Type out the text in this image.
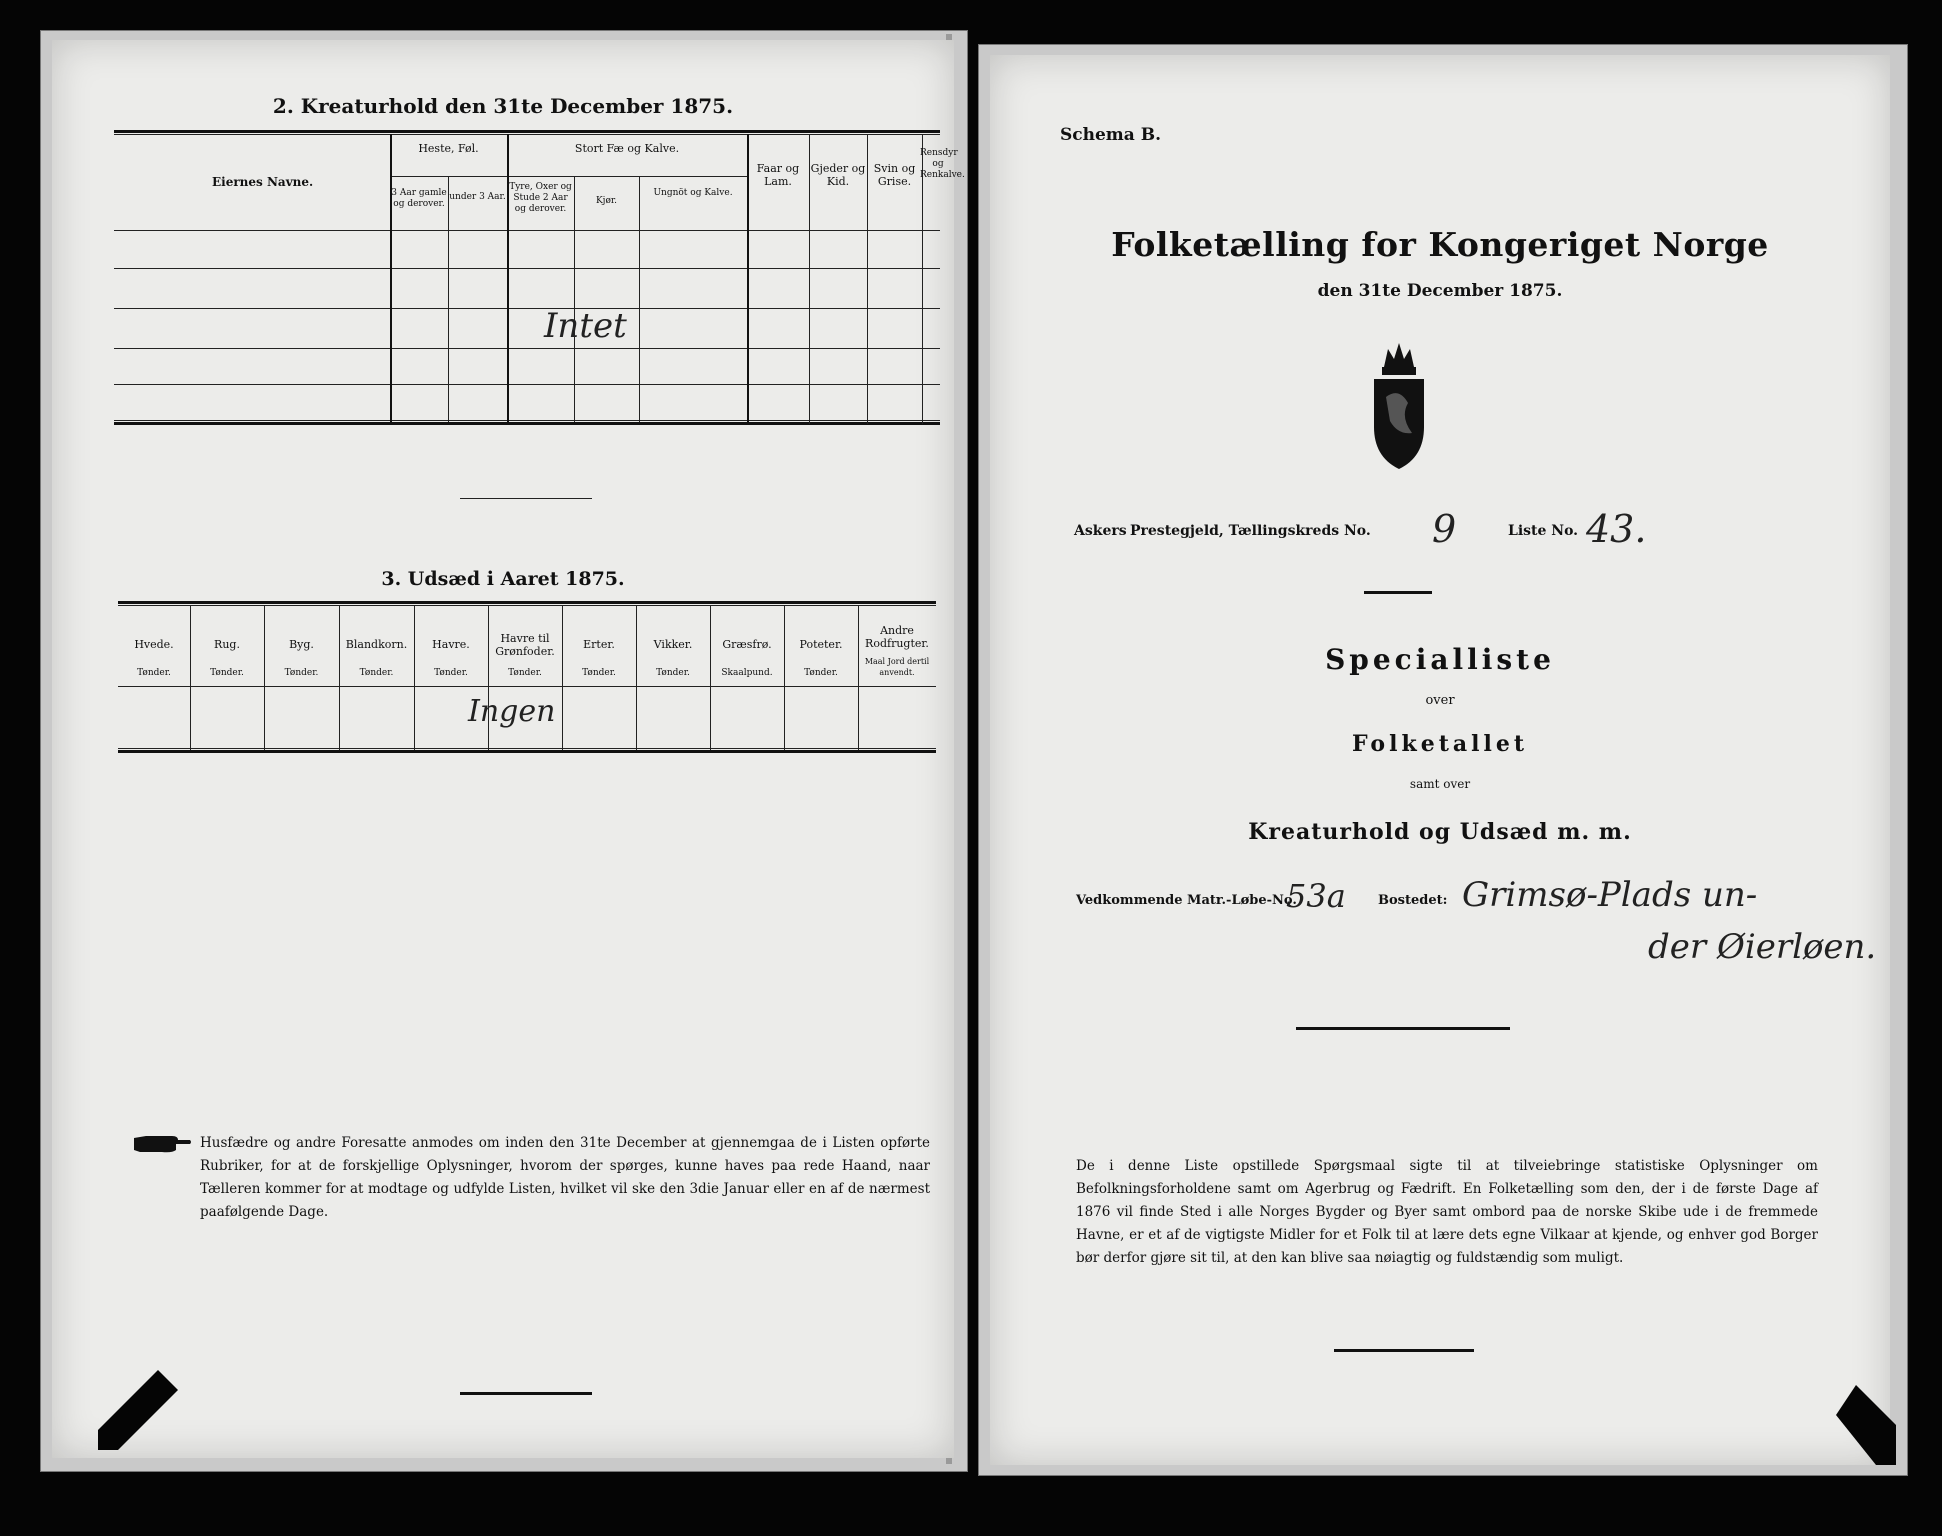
2. Kreaturhold den 31te December 1875.
Eiernes Navne.
Heste, Føl.
3 Aar gamle og derover.
under 3 Aar.
Stort Fæ og Kalve.
Tyre, Oxer og Stude 2 Aar og derover.
Kjør.
Ungnöt og Kalve.
Faar og Lam.
Gjeder og Kid.
Svin og Grise.
Rensdyr og Renkalve.
Intet
3. Udsæd i Aaret 1875.
Hvede.
Tønder.
Rug.
Tønder.
Byg.
Tønder.
Blandkorn.
Tønder.
Havre.
Tønder.
Havre til Grønfoder.
Tønder.
Erter.
Tønder.
Vikker.
Tønder.
Græsfrø.
Skaalpund.
Poteter.
Tønder.
Andre Rodfrugter.
Maal Jord dertil anvendt.
Ingen
Husfædre og andre Foresatte anmodes om inden den 31te December at gjennemgaa de i Listen opførte Rubriker, for at de forskjellige Oplysninger, hvorom der spørges, kunne haves paa rede Haand, naar Tælleren kommer for at modtage og udfylde Listen, hvilket vil ske den 3die Januar eller en af de nærmest paafølgende Dage.
Schema B.
Folketælling for Kongeriget Norge
den 31te December 1875.
Askers Prestegjeld, Tællingskreds No. 9	Liste No. 43.
Specialliste
over
Folketallet
samt over
Kreaturhold og Udsæd m. m.
Vedkommende Matr.-Løbe-No.
53a Bostedet: Grimsø-Plads un-
der Øierløen.
De i denne Liste opstillede Spørgsmaal sigte til at tilveiebringe statistiske Oplysninger om Befolkningsforholdene samt om Agerbrug og Fædrift. En Folketælling som den, der i de første Dage af 1876 vil finde Sted i alle Norges Bygder og Byer samt ombord paa de norske Skibe ude i de fremmede Havne, er et af de vigtigste Midler for et Folk til at lære dets egne Vilkaar at kjende, og enhver god Borger bør derfor gjøre sit til, at den kan blive saa nøiagtig og fuldstændig som muligt.
